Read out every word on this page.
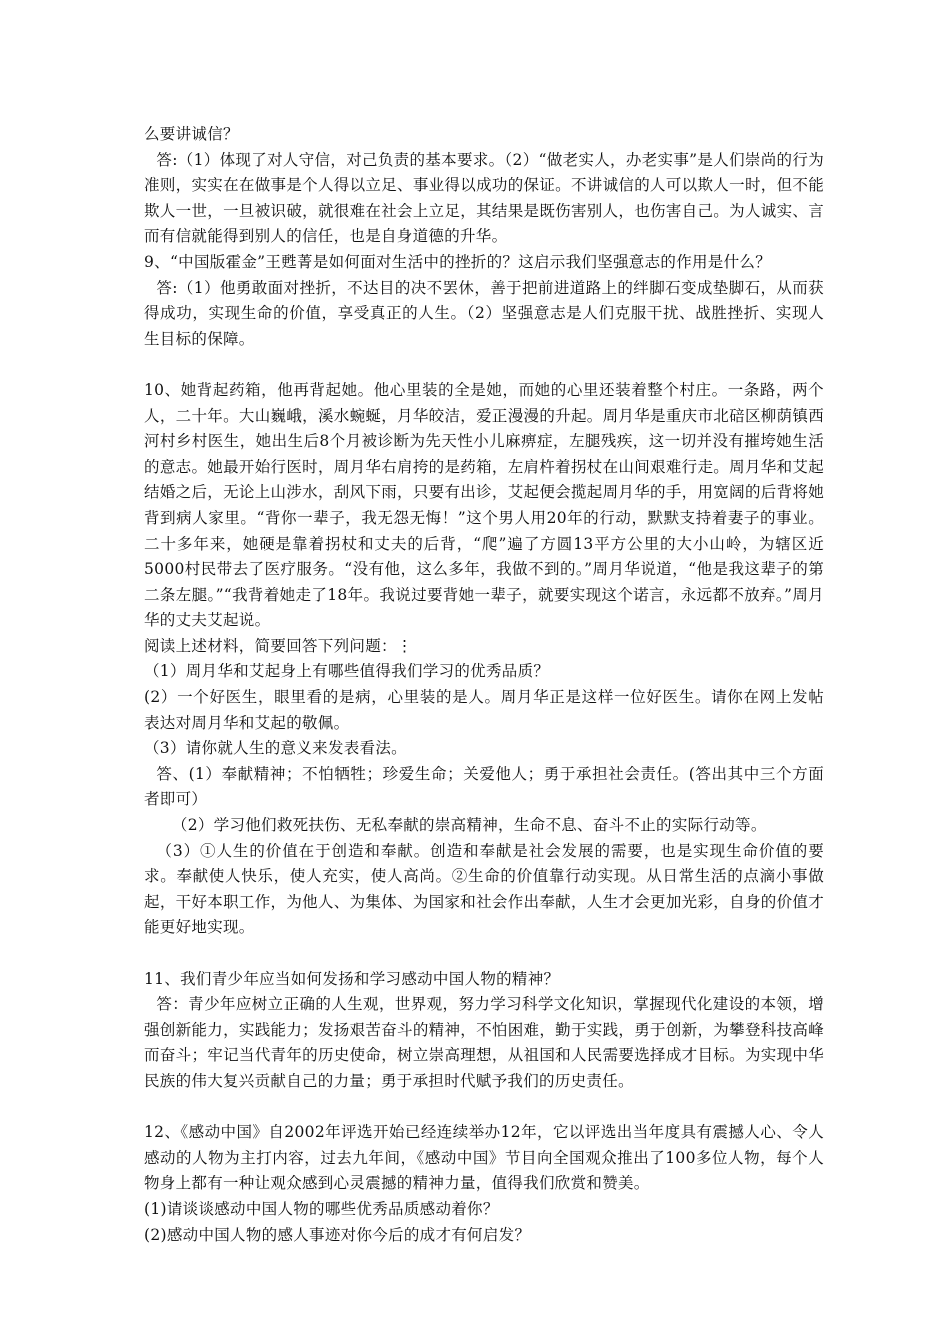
么要讲诚信？

答:（1）体现了对人守信，对己负责的基本要求。（2）“做老实人，办老实事”是人们崇尚的行为准则，实实在在做事是个人得以立足、事业得以成功的保证。不讲诚信的人可以欺人一时，但不能欺人一世，一旦被识破，就很难在社会上立足，其结果是既伤害别人，也伤害自己。为人诚实、言而有信就能得到别人的信任，也是自身道德的升华。

9、“中国版霍金”王甦菁是如何面对生活中的挫折的？这启示我们坚强意志的作用是什么？

答:（1）他勇敢面对挫折，不达目的决不罢休，善于把前进道路上的绊脚石变成垫脚石，从而获得成功，实现生命的价值，享受真正的人生。（2）坚强意志是人们克服干扰、战胜挫折、实现人生目标的保障。

10、她背起药箱，他再背起她。他心里装的全是她，而她的心里还装着整个村庄。一条路，两个人，二十年。大山巍峨，溪水蜿蜒，月华皎洁，爱正漫漫的升起。周月华是重庆市北碚区柳荫镇西河村乡村医生，她出生后8个月被诊断为先天性小儿麻痹症，左腿残疾，这一切并没有摧垮她生活的意志。她最开始行医时，周月华右肩挎的是药箱，左肩杵着拐杖在山间艰难行走。周月华和艾起结婚之后，无论上山涉水，刮风下雨，只要有出诊，艾起便会揽起周月华的手，用宽阔的后背将她背到病人家里。“背你一辈子，我无怨无悔！”这个男人用20年的行动，默默支持着妻子的事业。二十多年来，她硬是靠着拐杖和丈夫的后背，“爬”遍了方圆13平方公里的大小山岭，为辖区近5000村民带去了医疗服务。“没有他，这么多年，我做不到的。”周月华说道，“他是我这辈子的第二条左腿。”“我背着她走了18年。我说过要背她一辈子，就要实现这个诺言，永远都不放弃。”周月华的丈夫艾起说。

阅读上述材料，简要回答下列问题：⋮

（1）周月华和艾起身上有哪些值得我们学习的优秀品质？

(2）一个好医生，眼里看的是病，心里装的是人。周月华正是这样一位好医生。请你在网上发帖表达对周月华和艾起的敬佩。

（3）请你就人生的意义来发表看法。

答、(1）奉献精神；不怕牺牲；珍爱生命；关爱他人；勇于承担社会责任。(答出其中三个方面者即可）

（2）学习他们救死扶伤、无私奉献的崇高精神，生命不息、奋斗不止的实际行动等。

（3）①人生的价值在于创造和奉献。创造和奉献是社会发展的需要，也是实现生命价值的要求。奉献使人快乐，使人充实，使人高尚。②生命的价值靠行动实现。从日常生活的点滴小事做起，干好本职工作，为他人、为集体、为国家和社会作出奉献，人生才会更加光彩，自身的价值才能更好地实现。

11、我们青少年应当如何发扬和学习感动中国人物的精神？

答：青少年应树立正确的人生观，世界观，努力学习科学文化知识，掌握现代化建设的本领，增强创新能力，实践能力；发扬艰苦奋斗的精神，不怕困难，勤于实践，勇于创新，为攀登科技高峰而奋斗；牢记当代青年的历史使命，树立崇高理想，从祖国和人民需要选择成才目标。为实现中华民族的伟大复兴贡献自己的力量；勇于承担时代赋予我们的历史责任。

12、《感动中国》自2002年评选开始已经连续举办12年，它以评选出当年度具有震撼人心、令人感动的人物为主打内容，过去九年间，《感动中国》节目向全国观众推出了100多位人物，每个人物身上都有一种让观众感到心灵震撼的精神力量，值得我们欣赏和赞美。

(1)请谈谈感动中国人物的哪些优秀品质感动着你？

(2)感动中国人物的感人事迹对你今后的成才有何启发？
